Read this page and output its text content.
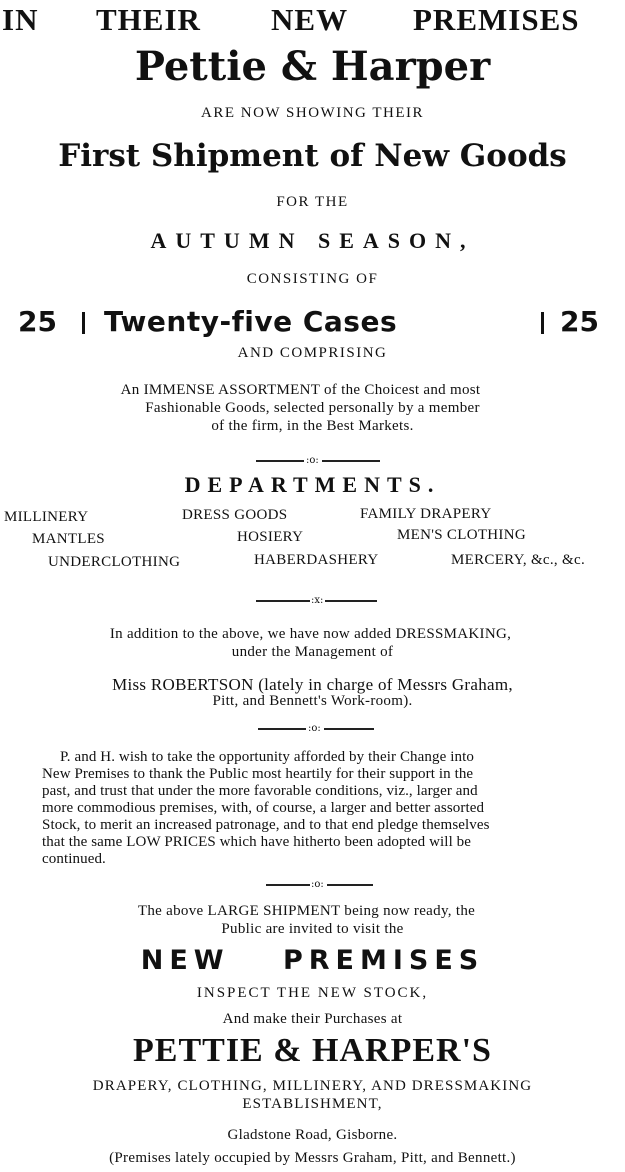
IN THEIR NEW PREMISES
Pettie & Harper
ARE NOW SHOWING THEIR
First Shipment of New Goods
FOR THE
AUTUMN SEASON,
CONSISTING OF
25 Twenty-five Cases	25
AND COMPRISING
An IMMENSE ASSORTMENT of the Choicest and most
Fashionable Goods, selected personally by a member
of the firm, in the Best Markets.
:o:
DEPARTMENTS.
MILLINERY	DRESS GOODS	FAMILY DRAPERY
MANTLES	HOSIERY	MEN'S CLOTHING
UNDERCLOTHING	HABERDASHERY	MERCERY, &c., &c.
:x:
In addition to the above, we have now added DRESSMAKING,
under the Management of
Miss ROBERTSON (lately in charge of Messrs Graham,
Pitt, and Bennett's Work-room).
:o:
P. and H. wish to take the opportunity afforded by their Change into
New Premises to thank the Public most heartily for their support in the
past, and trust that under the more favorable conditions, viz., larger and
more commodious premises, with, of course, a larger and better assorted
Stock, to merit an increased patronage, and to that end pledge themselves
that the same LOW PRICES which have hitherto been adopted will be
continued.
:o:
The above LARGE SHIPMENT being now ready, the
Public are invited to visit the
NEW PREMISES
INSPECT THE NEW STOCK,
And make their Purchases at
PETTIE & HARPER'S
DRAPERY, CLOTHING, MILLINERY, AND DRESSMAKING
ESTABLISHMENT,
Gladstone Road, Gisborne.
(Premises lately occupied by Messrs Graham, Pitt, and Bennett.)
